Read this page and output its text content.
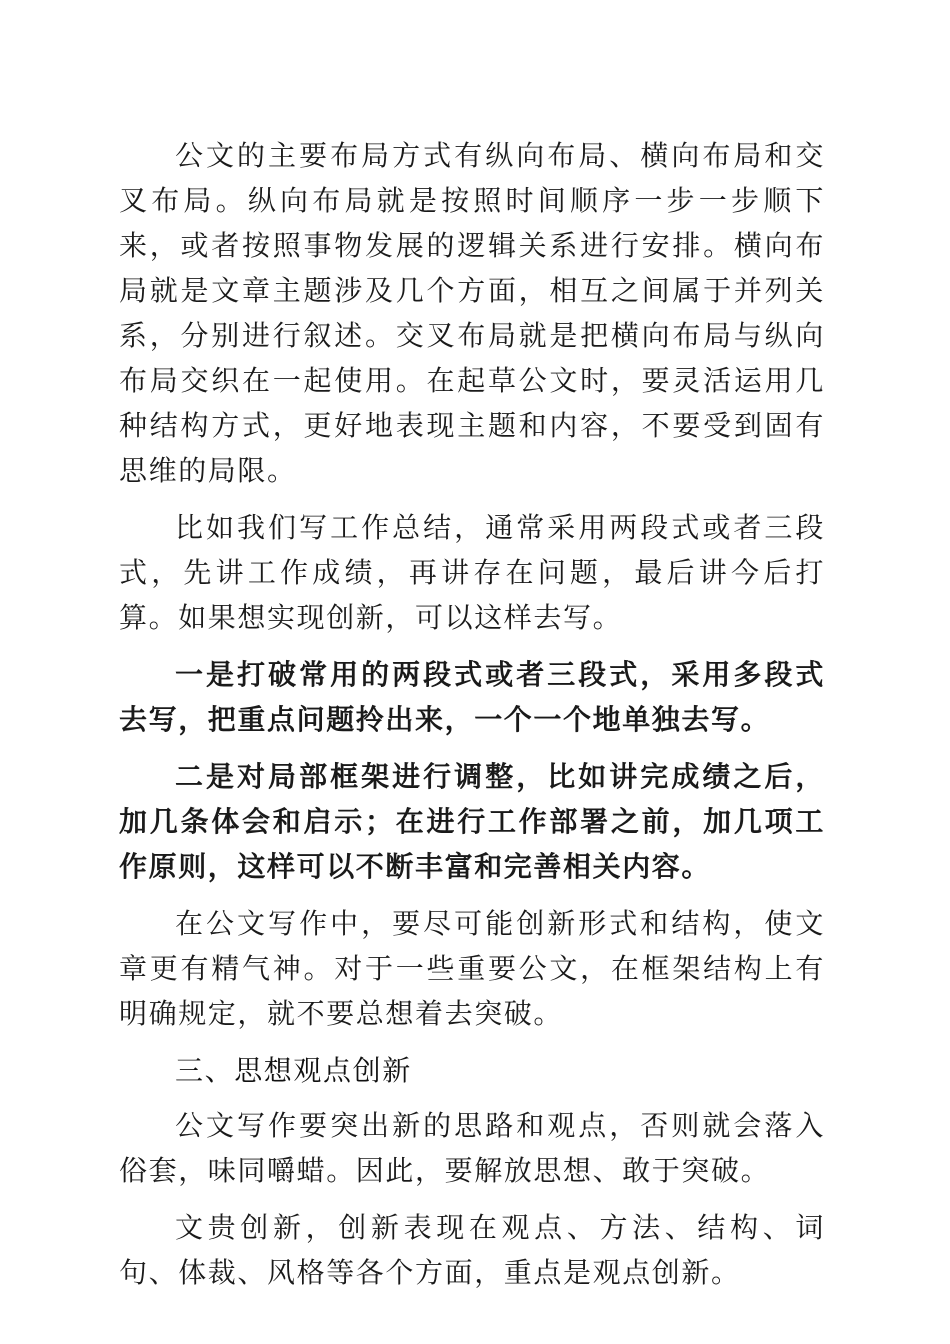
公文的主要布局方式有纵向布局、横向布局和交叉布局。纵向布局就是按照时间顺序一步一步顺下来，或者按照事物发展的逻辑关系进行安排。横向布局就是文章主题涉及几个方面，相互之间属于并列关系，分别进行叙述。交叉布局就是把横向布局与纵向布局交织在一起使用。在起草公文时，要灵活运用几种结构方式，更好地表现主题和内容，不要受到固有思维的局限。

比如我们写工作总结，通常采用两段式或者三段式，先讲工作成绩，再讲存在问题，最后讲今后打算。如果想实现创新，可以这样去写。

一是打破常用的两段式或者三段式，采用多段式去写，把重点问题拎出来，一个一个地单独去写。

二是对局部框架进行调整，比如讲完成绩之后，加几条体会和启示；在进行工作部署之前，加几项工作原则，这样可以不断丰富和完善相关内容。

在公文写作中，要尽可能创新形式和结构，使文章更有精气神。对于一些重要公文，在框架结构上有明确规定，就不要总想着去突破。

三、思想观点创新

公文写作要突出新的思路和观点，否则就会落入俗套，味同嚼蜡。因此，要解放思想、敢于突破。

文贵创新，创新表现在观点、方法、结构、词句、体裁、风格等各个方面，重点是观点创新。
